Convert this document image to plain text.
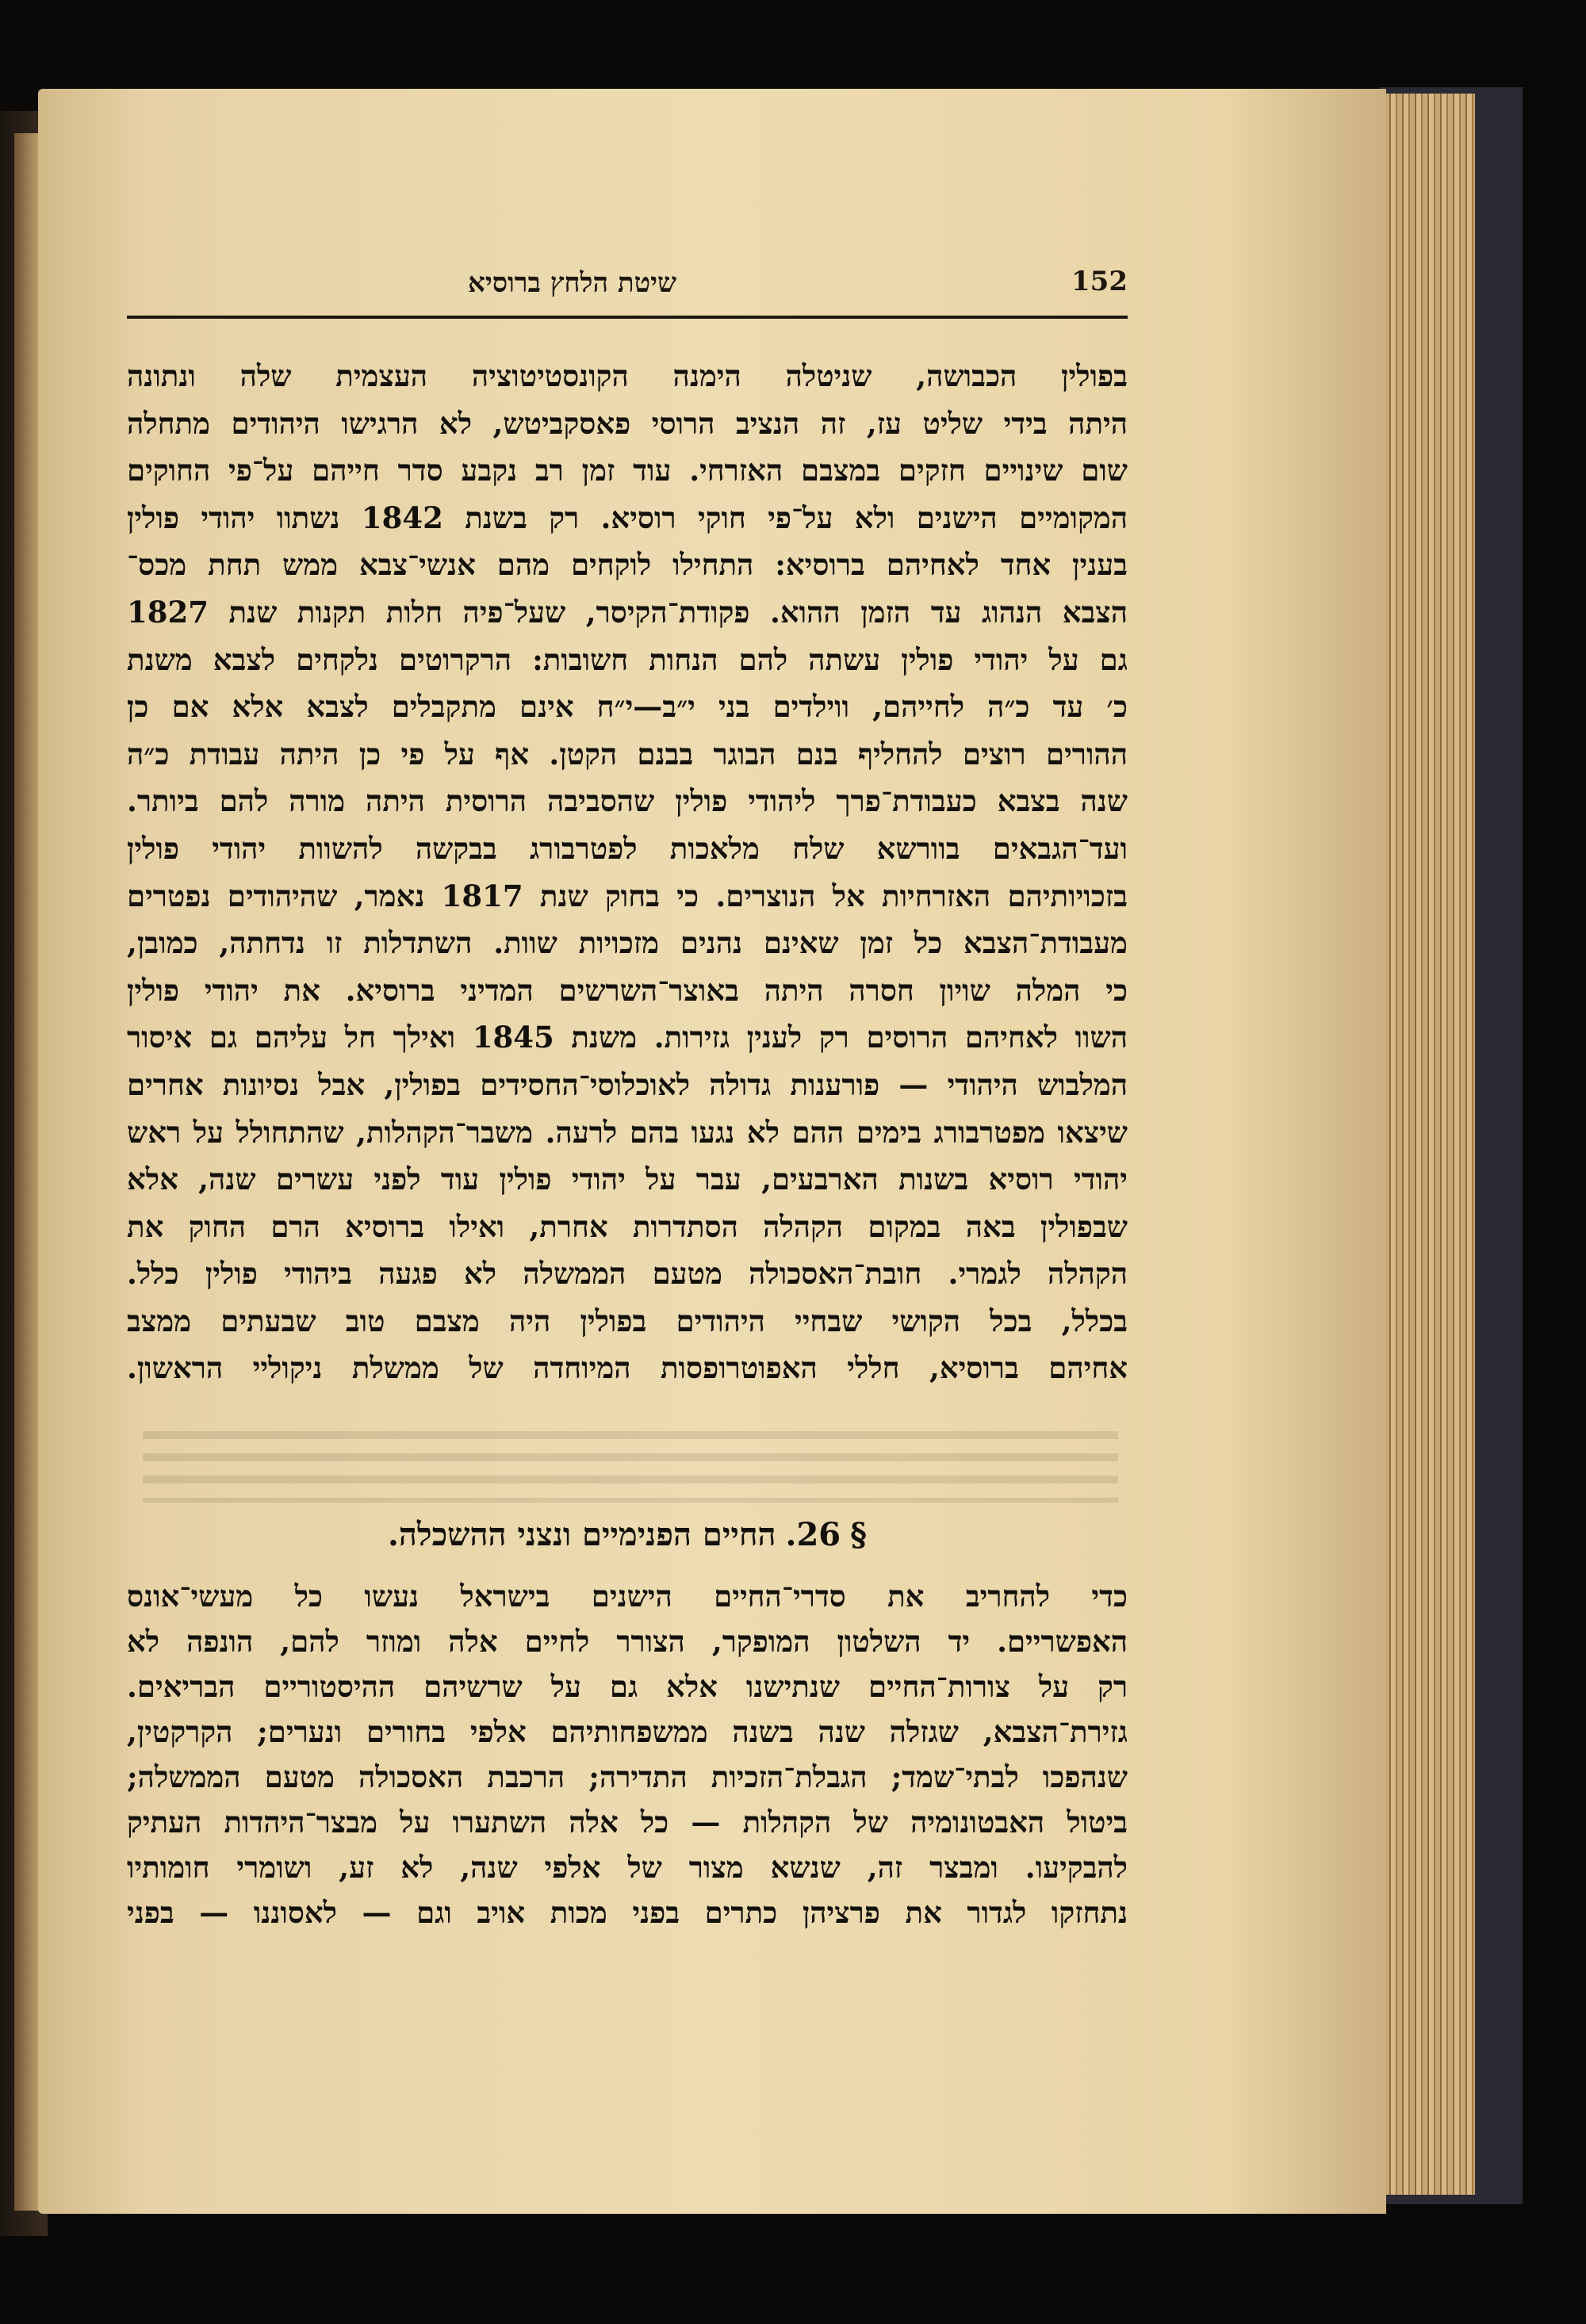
152
שיטת הלחץ ברוסיא
בפולין הכבושה, שניטלה הימנה הקונסטיטוציה העצמית שלה ונתונה
היתה בידי שליט עז, זה הנציב הרוסי פאסקביטש, לא הרגישו היהודים מתחלה
שום שינויים חזקים במצבם האזרחי. עוד זמן רב נקבע סדר חייהם על־פי החוקים
המקומיים הישנים ולא על־פי חוקי רוסיא. רק בשנת 1842 נשתוו יהודי פולין
בענין אחד לאחיהם ברוסיא: התחילו לוקחים מהם אנשי־צבא ממש תחת מכס־
הצבא הנהוג עד הזמן ההוא. פקודת־הקיסר, שעל־פיה חלות תקנות שנת 1827
גם על יהודי פולין עשתה להם הנחות חשובות: הרקרוטים נלקחים לצבא משנת
כ׳ עד כ״ה לחייהם, ווילדים בני י״ב—י״ח אינם מתקבלים לצבא אלא אם כן
ההורים רוצים להחליף בנם הבוגר בבנם הקטן. אף על פי כן היתה עבודת כ״ה
שנה בצבא כעבודת־פרך ליהודי פולין שהסביבה הרוסית היתה מורה להם ביותר.
ועד־הגבאים בוורשא שלח מלאכות לפטרבורג בבקשה להשוות יהודי פולין
בזכויותיהם האזרחיות אל הנוצרים. כי בחוק שנת 1817 נאמר, שהיהודים נפטרים
מעבודת־הצבא כל זמן שאינם נהנים מזכויות שוות. השתדלות זו נדחתה, כמובן,
כי המלה שויון חסרה היתה באוצר־השרשים המדיני ברוסיא. את יהודי פולין
השוו לאחיהם הרוסים רק לענין גזירות. משנת 1845 ואילך חל עליהם גם איסור
המלבוש היהודי — פורענות גדולה לאוכלוסי־החסידים בפולין, אבל נסיונות אחרים
שיצאו מפטרבורג בימים ההם לא נגעו בהם לרעה. משבר־הקהלות, שהתחולל על ראש
יהודי רוסיא בשנות הארבעים, עבר על יהודי פולין עוד לפני עשרים שנה, אלא
שבפולין באה במקום הקהלה הסתדרות אחרת, ואילו ברוסיא הרם החוק את
הקהלה לגמרי. חובת־האסכולה מטעם הממשלה לא פגעה ביהודי פולין כלל.
בכלל, בכל הקושי שבחיי היהודים בפולין היה מצבם טוב שבעתים ממצב
אחיהם ברוסיא, חללי האפוטרופסות המיוחדה של ממשלת ניקוליי הראשון.
§26.החיים הפנימיים ונצני ההשכלה.
כדי להחריב את סדרי־החיים הישנים בישראל נעשו כל מעשי־אונס
האפשריים. יד השלטון המופקר, הצורר לחיים אלה ומוזר להם, הונפה לא
רק על צורות־החיים שנתישנו אלא גם על שרשיהם ההיסטוריים הבריאים.
גזירת־הצבא, שגזלה שנה בשנה ממשפחותיהם אלפי בחורים ונערים; הקרקטין,
שנהפכו לבתי־שמד; הגבלת־הזכיות התדירה; הרכבת האסכולה מטעם הממשלה;
ביטול האבטונומיה של הקהלות — כל אלה השתערו על מבצר־היהדות העתיק
להבקיעו. ומבצר זה, שנשא מצור של אלפי שנה, לא זע, ושומרי חומותיו
נתחזקו לגדור את פרציהן כתרים בפני מכות אויב וגם — לאסוננו — בפני
